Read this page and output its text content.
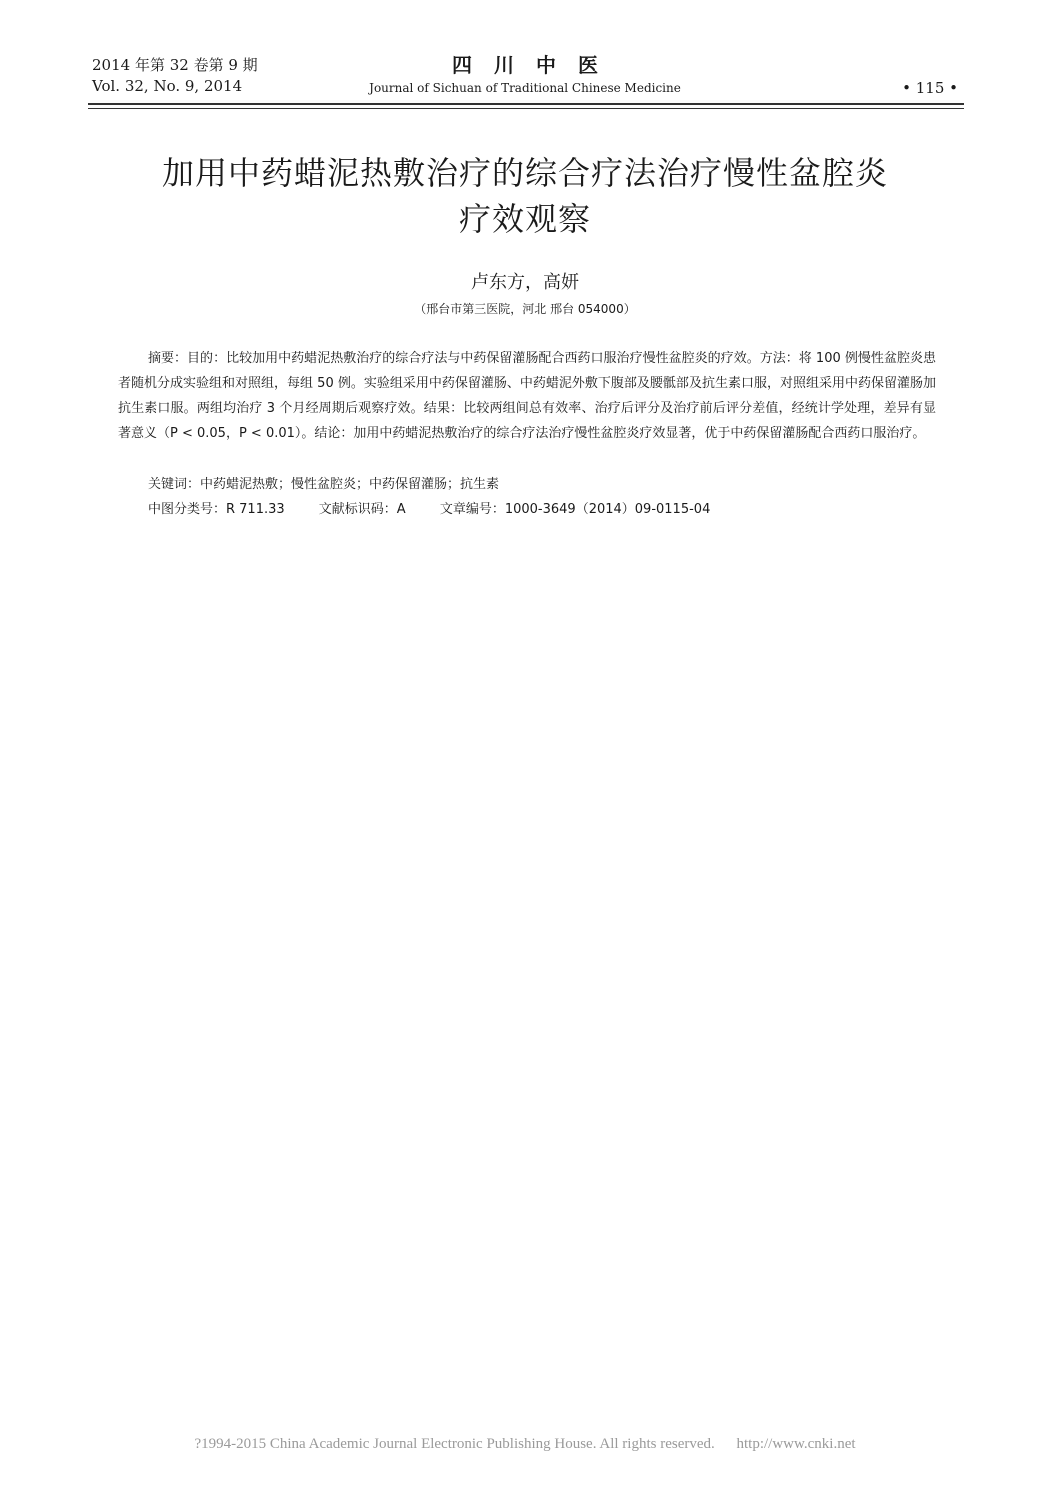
2014 年第 32 卷第 9 期
Vol. 32, No. 9, 2014
四川中医
Journal of Sichuan of Traditional Chinese Medicine	• 115 •
加用中药蜡泥热敷治疗的综合疗法治疗慢性盆腔炎
疗效观察
卢东方，高妍
（邢台市第三医院，河北 邢台 054000）

摘要：目的：比较加用中药蜡泥热敷治疗的综合疗法与中药保留灌肠配合西药口服治疗慢性盆腔炎的疗效。方法：将 100 例慢性盆腔炎患者随机分成实验组和对照组，每组 50 例。实验组采用中药保留灌肠、中药蜡泥外敷下腹部及腰骶部及抗生素口服，对照组采用中药保留灌肠加抗生素口服。两组均治疗 3 个月经周期后观察疗效。结果：比较两组间总有效率、治疗后评分及治疗前后评分差值，经统计学处理，差异有显著意义（P < 0.05，P < 0.01）。结论：加用中药蜡泥热敷治疗的综合疗法治疗慢性盆腔炎疗效显著，优于中药保留灌肠配合西药口服治疗。

关键词：中药蜡泥热敷；慢性盆腔炎；中药保留灌肠；抗生素
中图分类号：R 711.33	文献标识码：A	文章编号：1000-3649（2014）09-0115-04
?1994-2015 China Academic Journal Electronic Publishing House. All rights reserved. http://www.cnki.net
